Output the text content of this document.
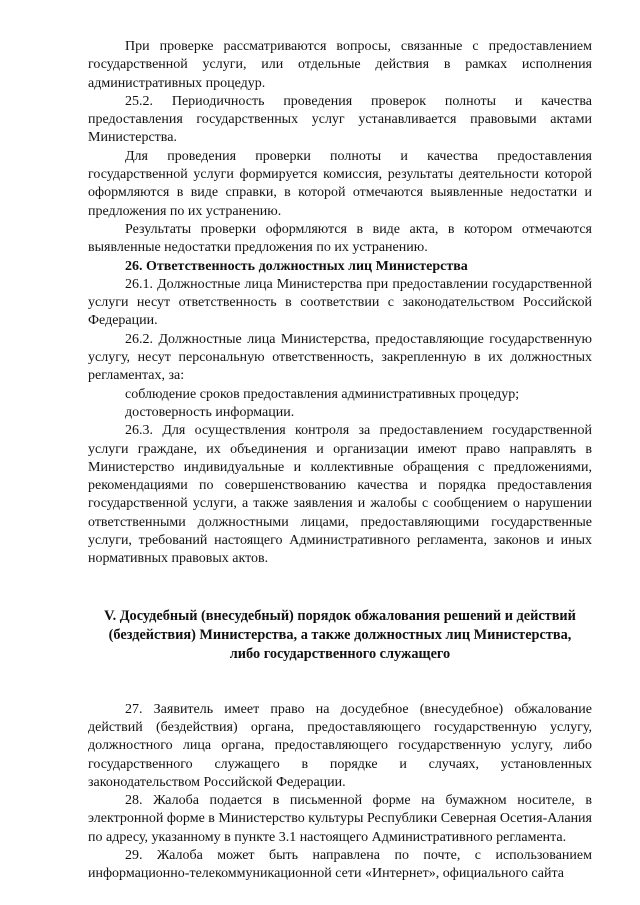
При проверке рассматриваются вопросы, связанные с предоставлением государственной услуги, или отдельные действия в рамках исполнения административных процедур.

25.2. Периодичность проведения проверок полноты и качества предоставления государственных услуг устанавливается правовыми актами Министерства.

Для проведения проверки полноты и качества предоставления государственной услуги формируется комиссия, результаты деятельности которой оформляются в виде справки, в которой отмечаются выявленные недостатки и предложения по их устранению.

Результаты проверки оформляются в виде акта, в котором отмечаются выявленные недостатки предложения по их устранению.

26. Ответственность должностных лиц Министерства

26.1. Должностные лица Министерства при предоставлении государственной услуги несут ответственность в соответствии с законодательством Российской Федерации.

26.2. Должностные лица Министерства, предоставляющие государственную услугу, несут персональную ответственность, закрепленную в их должностных регламентах, за:

соблюдение сроков предоставления административных процедур;

достоверность информации.

26.3. Для осуществления контроля за предоставлением государственной услуги граждане, их объединения и организации имеют право направлять в Министерство индивидуальные и коллективные обращения с предложениями, рекомендациями по совершенствованию качества и порядка предоставления государственной услуги, а также заявления и жалобы с сообщением о нарушении ответственными должностными лицами, предоставляющими государственные услуги, требований настоящего Административного регламента, законов и иных нормативных правовых актов.

V. Досудебный (внесудебный) порядок обжалования решений и действий
(бездействия) Министерства, а также должностных лиц Министерства,
либо государственного служащего

27. Заявитель имеет право на досудебное (внесудебное) обжалование действий (бездействия) органа, предоставляющего государственную услугу, должностного лица органа, предоставляющего государственную услугу, либо государственного служащего в порядке и случаях, установленных законодательством Российской Федерации.

28. Жалоба подается в письменной форме на бумажном носителе, в электронной форме в Министерство культуры Республики Северная Осетия-Алания по адресу, указанному в пункте 3.1 настоящего Административного регламента.

29. Жалоба может быть направлена по почте, с использованием информационно-телекоммуникационной сети «Интернет», официального сайта
